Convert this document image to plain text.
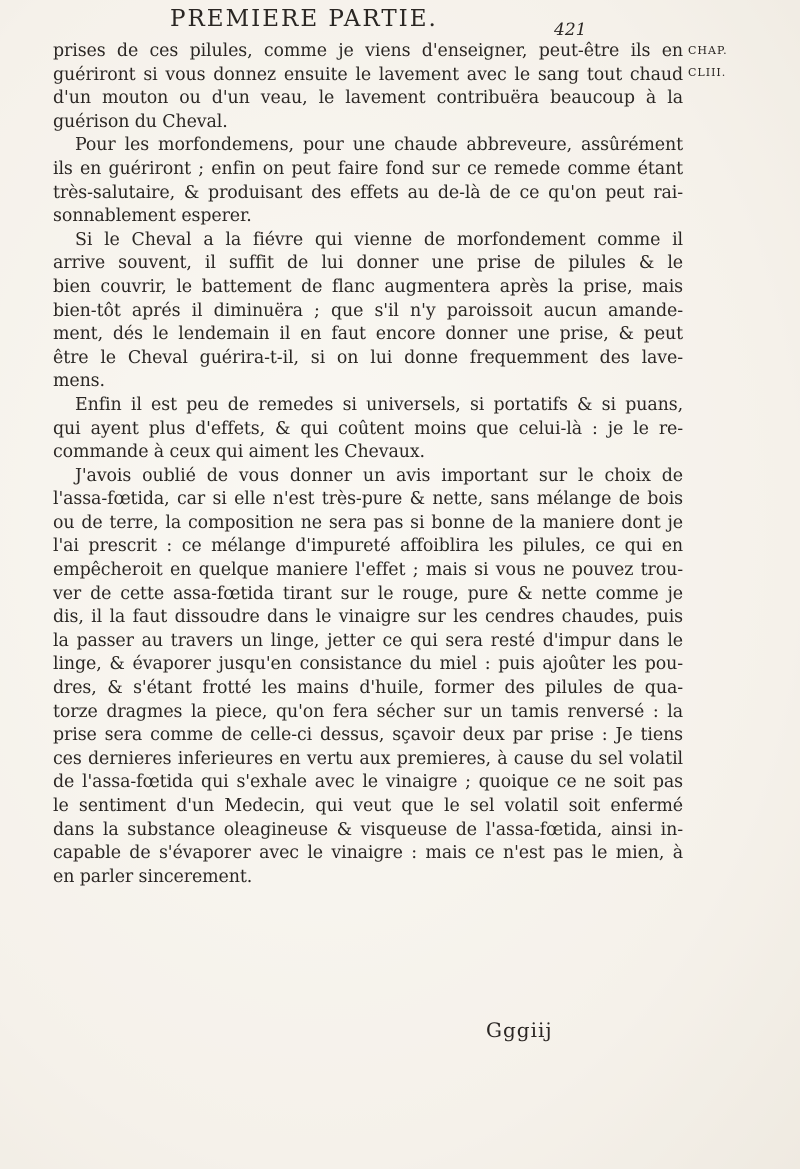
PREMIERE PARTIE.	421
CHAP.
CLIII.
prises de ces pilules, comme je viens d'enseigner, peut-être ils en
guériront si vous donnez ensuite le lavement avec le sang tout chaud
d'un mouton ou d'un veau, le lavement contribuëra beaucoup à la
guérison du Cheval.
Pour les morfondemens, pour une chaude abbreveure, assûrément
ils en guériront ; enfin on peut faire fond sur ce remede comme étant
très-salutaire, & produisant des effets au de-là de ce qu'on peut rai-
sonnablement esperer.
Si le Cheval a la fiévre qui vienne de morfondement comme il
arrive souvent, il suffit de lui donner une prise de pilules & le
bien couvrir, le battement de flanc augmentera après la prise, mais
bien-tôt aprés il diminuëra ; que s'il n'y paroissoit aucun amande-
ment, dés le lendemain il en faut encore donner une prise, & peut
être le Cheval guérira-t-il, si on lui donne frequemment des lave-
mens.
Enfin il est peu de remedes si universels, si portatifs & si puans,
qui ayent plus d'effets, & qui coûtent moins que celui-là : je le re-
commande à ceux qui aiment les Chevaux.
J'avois oublié de vous donner un avis important sur le choix de
l'assa-fœtida, car si elle n'est très-pure & nette, sans mélange de bois
ou de terre, la composition ne sera pas si bonne de la maniere dont je
l'ai prescrit : ce mélange d'impureté affoiblira les pilules, ce qui en
empêcheroit en quelque maniere l'effet ; mais si vous ne pouvez trou-
ver de cette assa-fœtida tirant sur le rouge, pure & nette comme je
dis, il la faut dissoudre dans le vinaigre sur les cendres chaudes, puis
la passer au travers un linge, jetter ce qui sera resté d'impur dans le
linge, & évaporer jusqu'en consistance du miel : puis ajoûter les pou-
dres, & s'étant frotté les mains d'huile, former des pilules de qua-
torze dragmes la piece, qu'on fera sécher sur un tamis renversé : la
prise sera comme de celle-ci dessus, sçavoir deux par prise : Je tiens
ces dernieres inferieures en vertu aux premieres, à cause du sel volatil
de l'assa-fœtida qui s'exhale avec le vinaigre ; quoique ce ne soit pas
le sentiment d'un Medecin, qui veut que le sel volatil soit enfermé
dans la substance oleagineuse & visqueuse de l'assa-fœtida, ainsi in-
capable de s'évaporer avec le vinaigre : mais ce n'est pas le mien, à
en parler sincerement.
Gggiij
